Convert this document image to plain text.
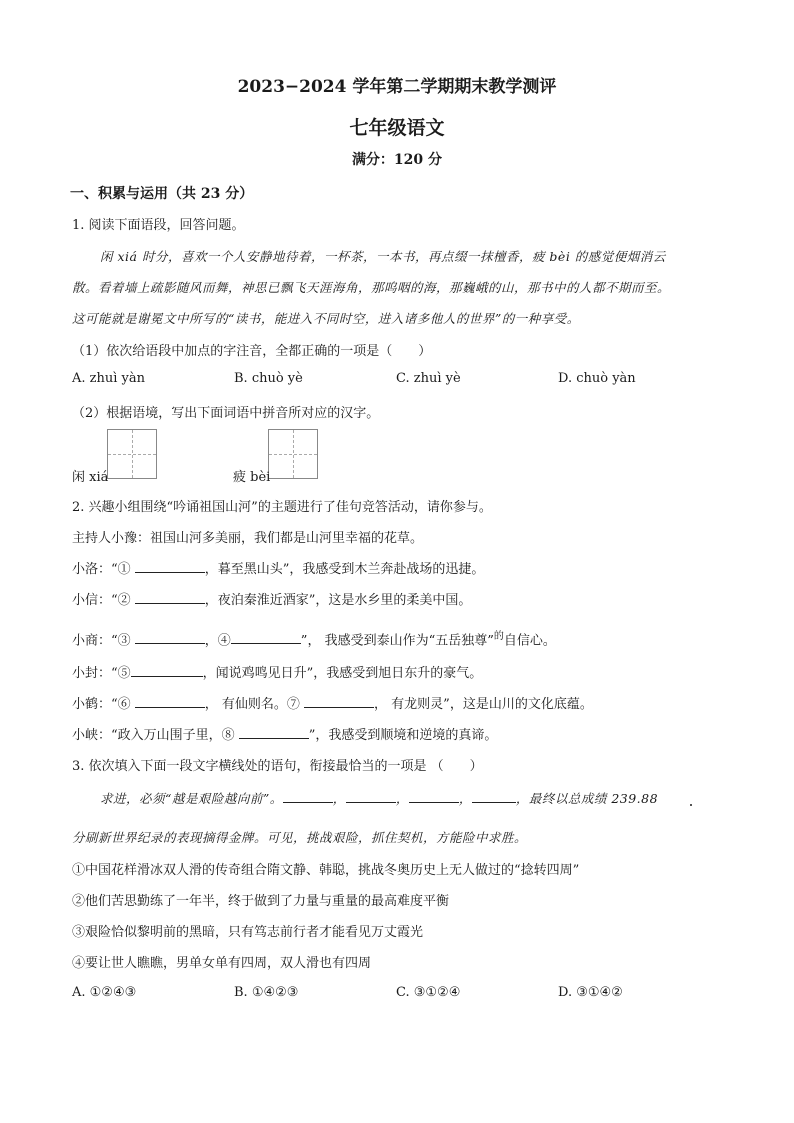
2023−2024 学年第二学期期末教学测评
七年级语文
满分：120 分
一、积累与运用（共 23 分）
1. 阅读下面语段，回答问题。
闲 xiá 时分，喜欢一个人安静地待着，一杯茶，一本书，再点缀一抹檀香，疲 bèi 的感觉便烟消云
散。看着墙上疏影随风而舞，神思已飘飞天涯海角，那呜咽的海，那巍峨的山，那书中的人都不期而至。
这可能就是谢冕文中所写的“读书，能进入不同时空，进入诸多他人的世界”的一种享受。
（1）依次给语段中加点的字注音，全都正确的一项是（　　）
A. zhuì yàn	B. chuò yè	C. zhuì yè	D. chuò yàn
（2）根据语境，写出下面词语中拼音所对应的汉字。
闲 xiá	疲 bèi
2. 兴趣小组围绕“吟诵祖国山河”的主题进行了佳句竞答活动，请你参与。
主持人小豫：祖国山河多美丽，我们都是山河里幸福的花草。
小洛：“①	，暮至黑山头”，我感受到木兰奔赴战场的迅捷。
小信：“②	，夜泊秦淮近酒家”，这是水乡里的柔美中国。
小商：“③	，④	”， 我感受到泰山作为“五岳独尊”$^的$自信心。
小封：“⑤	，闻说鸡鸣见日升”，我感受到旭日东升的豪气。
小鹤：“⑥	， 有仙则名。⑦	， 有龙则灵”，这是山川的文化底蕴。
小峡：“政入万山围子里，⑧	”，我感受到顺境和逆境的真谛。
3. 依次填入下面一段文字横线处的语句，衔接最恰当的一项是 （　　）
求进，必须“越是艰险越向前”。	，	，	，	，最终以总成绩 239.88
分刷新世界纪录的表现摘得金牌。可见，挑战艰险，抓住契机，方能险中求胜。
①中国花样滑冰双人滑的传奇组合隋文静、韩聪，挑战冬奥历史上无人做过的“捻转四周”
②他们苦思勤练了一年半，终于做到了力量与重量的最高难度平衡
③艰险恰似黎明前的黑暗，只有笃志前行者才能看见万丈霞光
④要让世人瞧瞧，男单女单有四周，双人滑也有四周
A. ①②④③	B. ①④②③	C. ③①②④	D. ③①④②
